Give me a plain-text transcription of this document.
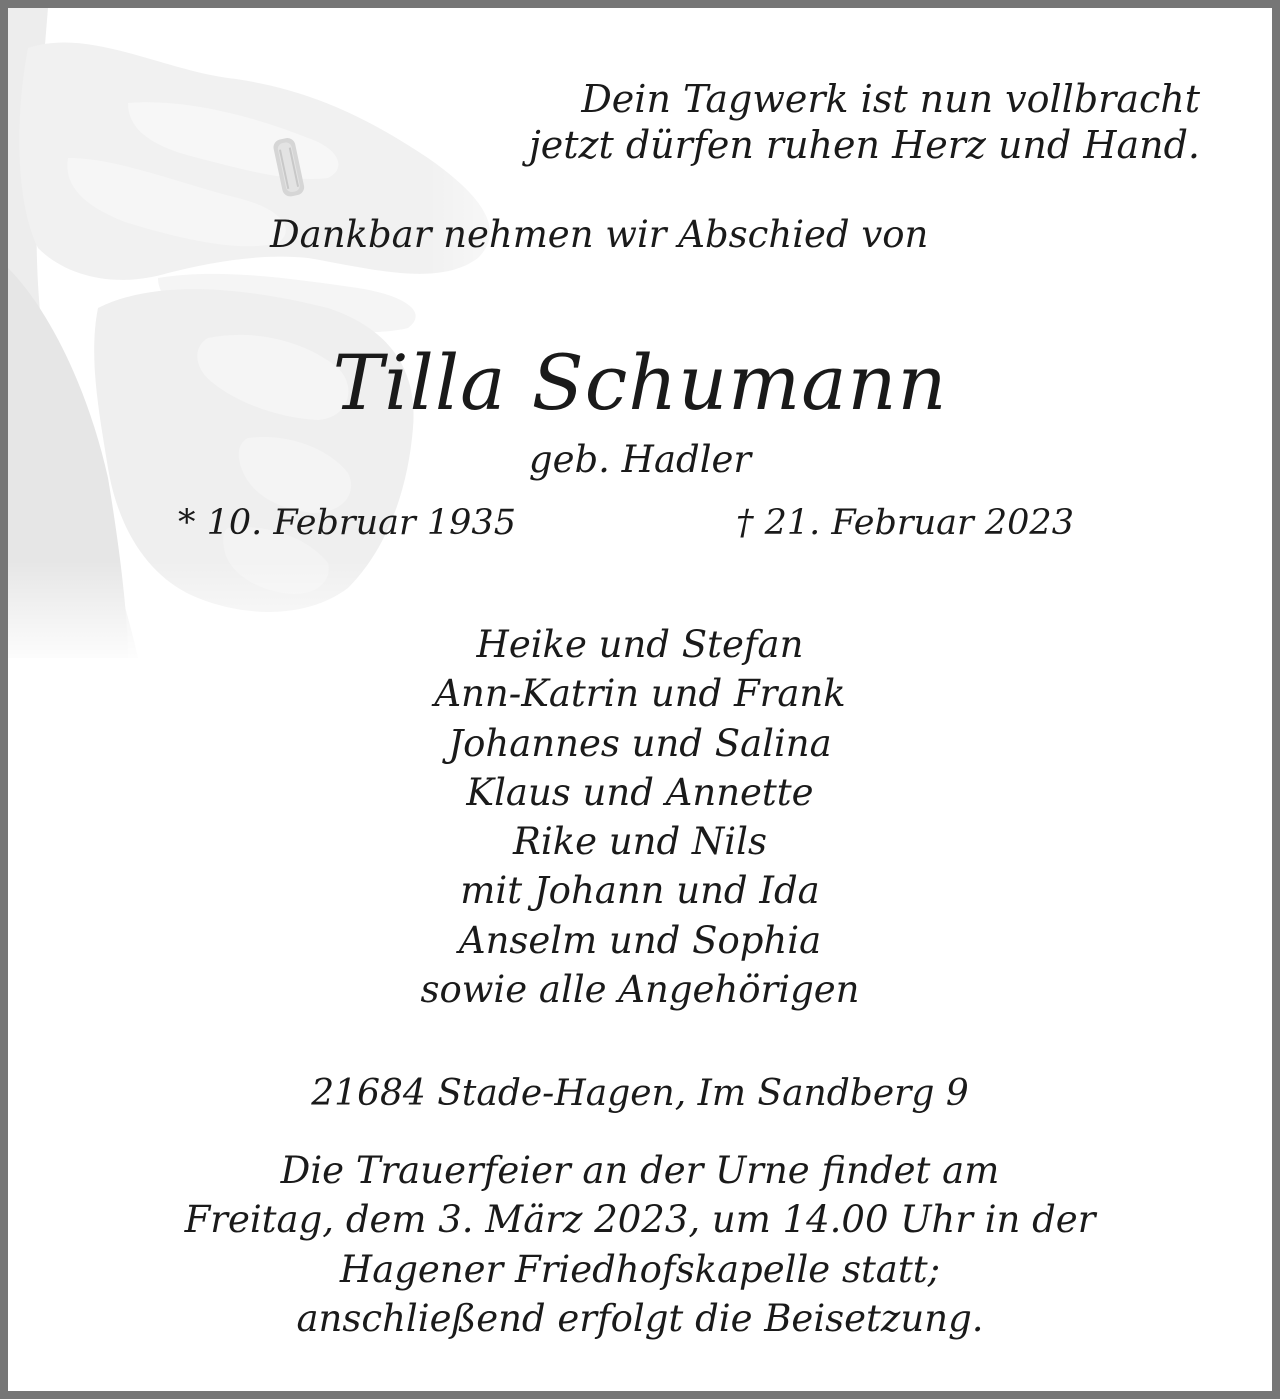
Dein Tagwerk ist nun vollbracht
jetzt dürfen ruhen Herz und Hand.
Dankbar nehmen wir Abschied von
Tilla Schumann
geb. Hadler
* 10. Februar 1935	† 21. Februar 2023
Heike und Stefan
Ann-Katrin und Frank
Johannes und Salina
Klaus und Annette
Rike und Nils
mit Johann und Ida
Anselm und Sophia
sowie alle Angehörigen
21684 Stade-Hagen, Im Sandberg 9
Die Trauerfeier an der Urne findet am
Freitag, dem 3. März 2023, um 14.00 Uhr in der
Hagener Friedhofskapelle statt;
anschließend erfolgt die Beisetzung.
